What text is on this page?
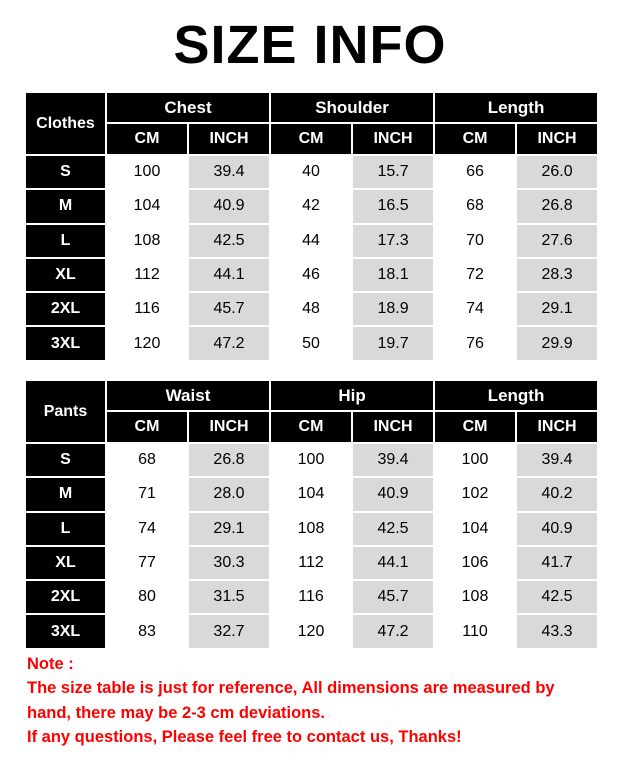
SIZE INFO
Clothes	Chest		Shoulder		Length	
	CM	INCH	CM	INCH	CM	INCH
S	100	39.4	40	15.7	66	26.0
M	104	40.9	42	16.5	68	26.8
L	108	42.5	44	17.3	70	27.6
XL	112	44.1	46	18.1	72	28.3
2XL	116	45.7	48	18.9	74	29.1
3XL	120	47.2	50	19.7	76	29.9
Pants	Waist		Hip		Length	
	CM	INCH	CM	INCH	CM	INCH
S	68	26.8	100	39.4	100	39.4
M	71	28.0	104	40.9	102	40.2
L	74	29.1	108	42.5	104	40.9
XL	77	30.3	112	44.1	106	41.7
2XL	80	31.5	116	45.7	108	42.5
3XL	83	32.7	120	47.2	110	43.3
Note :
The size table is just for reference, All dimensions are measured by
hand, there may be 2-3 cm deviations.
If any questions, Please feel free to contact us, Thanks!
